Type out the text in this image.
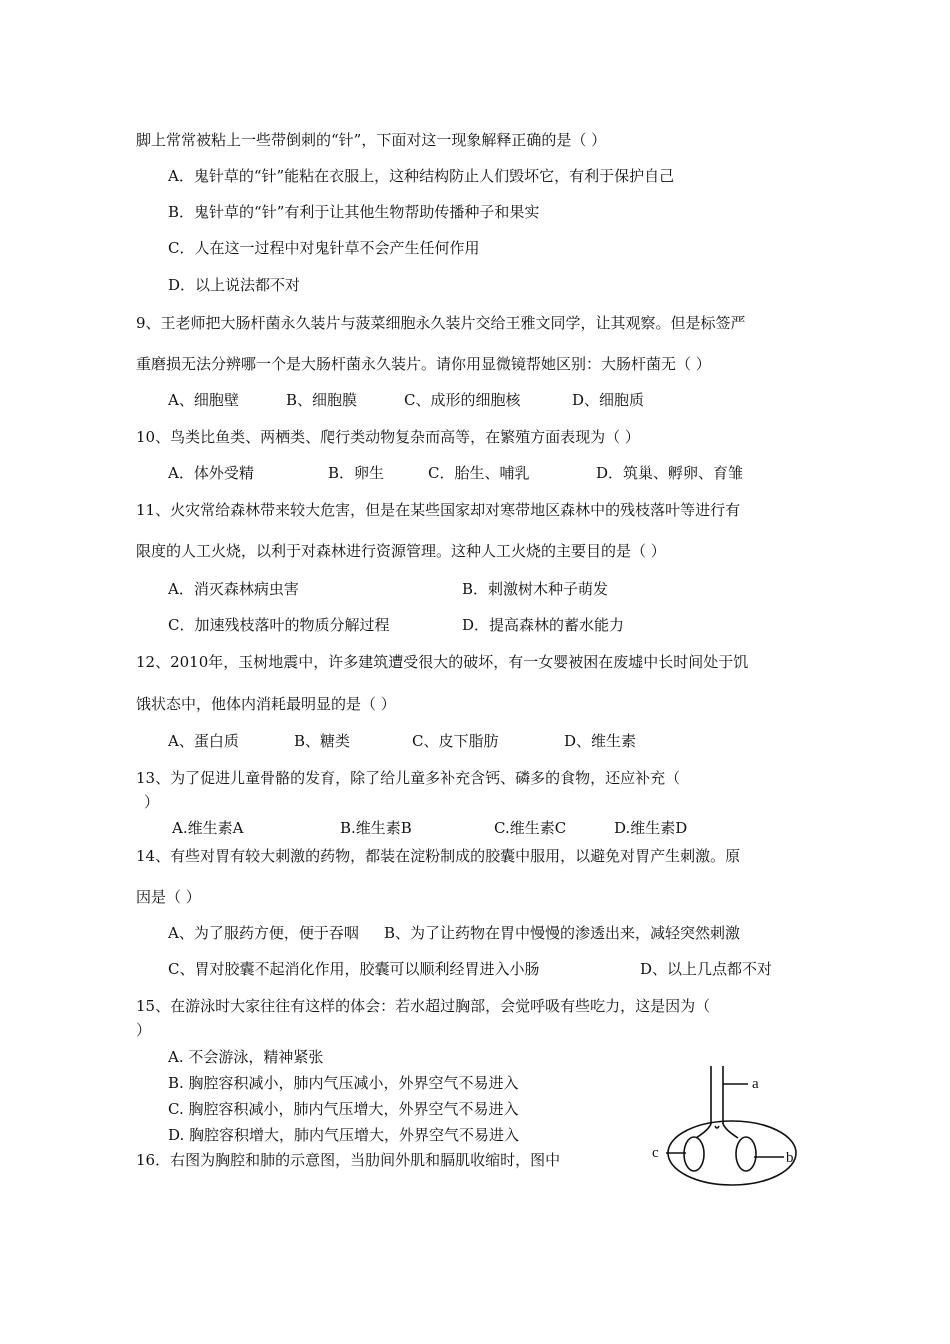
脚上常常被粘上一些带倒刺的“针”，下面对这一现象解释正确的是（ ）
A．鬼针草的“针”能粘在衣服上，这种结构防止人们毁坏它，有利于保护自己
B．鬼针草的“针”有利于让其他生物帮助传播种子和果实
C．人在这一过程中对鬼针草不会产生任何作用
D．以上说法都不对
9、王老师把大肠杆菌永久装片与菠菜细胞永久装片交给王雅文同学，让其观察。但是标签严
重磨损无法分辨哪一个是大肠杆菌永久装片。请你用显微镜帮她区别：大肠杆菌无（ ）
A、细胞壁	B、细胞膜	C、成形的细胞核	D、细胞质
10、鸟类比鱼类、两栖类、爬行类动物复杂而高等，在繁殖方面表现为（ ）
A．体外受精	B．卵生	C．胎生、哺乳	D．筑巢、孵卵、育雏
11、火灾常给森林带来较大危害，但是在某些国家却对寒带地区森林中的残枝落叶等进行有
限度的人工火烧，以利于对森林进行资源管理。这种人工火烧的主要目的是（ ）
A．消灭森林病虫害	B．刺激树木种子萌发
C．加速残枝落叶的物质分解过程	D．提高森林的蓄水能力
12、2010年，玉树地震中，许多建筑遭受很大的破坏，有一女婴被困在废墟中长时间处于饥
饿状态中，他体内消耗最明显的是（ ）
A、蛋白质	B、糖类	C、皮下脂肪	D、维生素
13、为了促进儿童骨骼的发育，除了给儿童多补充含钙、磷多的食物，还应补充（
）
A.维生素A	B.维生素B	C.维生素C	D.维生素D
14、有些对胃有较大刺激的药物，都装在淀粉制成的胶囊中服用，以避免对胃产生刺激。原
因是（ ）
A、为了服药方便，便于吞咽 B、为了让药物在胃中慢慢的渗透出来，减轻突然刺激
C、胃对胶囊不起消化作用，胶囊可以顺利经胃进入小肠	D、以上几点都不对
15、在游泳时大家往往有这样的体会：若水超过胸部，会觉呼吸有些吃力，这是因为（
）
A. 不会游泳，精神紧张
B. 胸腔容积减小，肺内气压减小，外界空气不易进入
C. 胸腔容积减小，肺内气压增大，外界空气不易进入
D. 胸腔容积增大，肺内气压增大，外界空气不易进入
16．右图为胸腔和肺的示意图，当肋间外肌和膈肌收缩时，图中
a
b
c
